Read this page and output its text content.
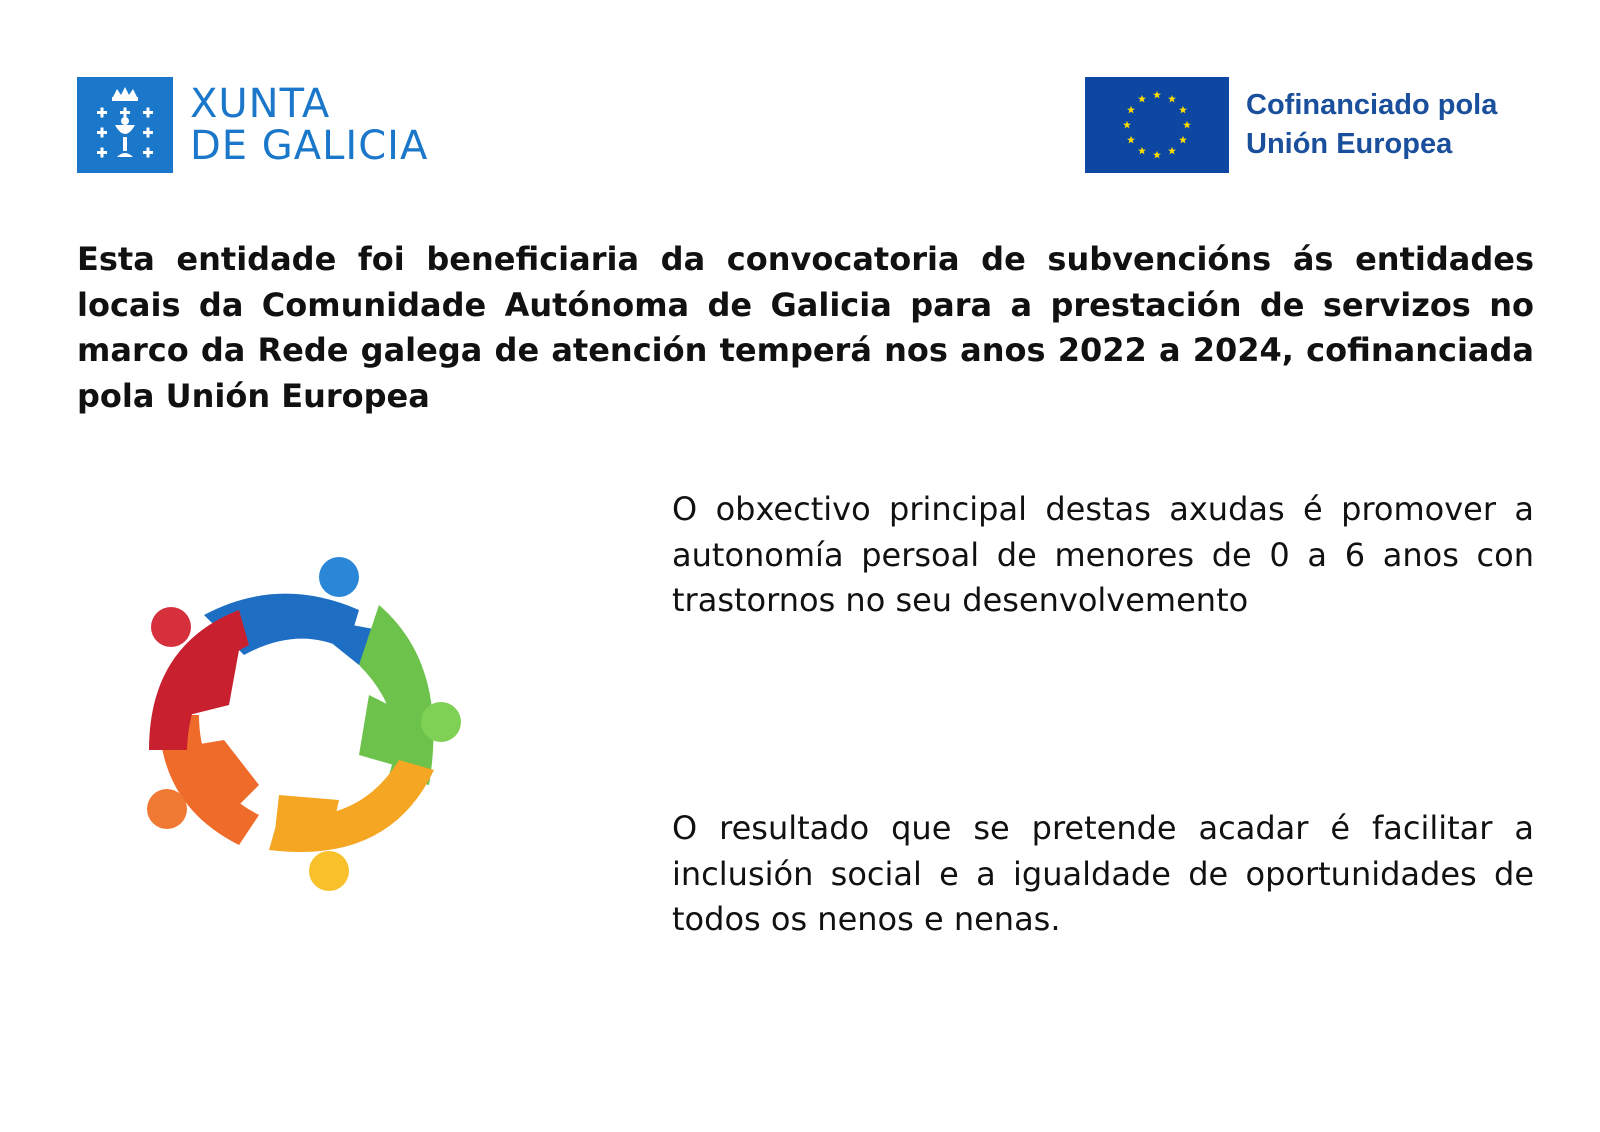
XUNTA
DE GALICIA
Cofinanciado pola
Unión Europea

Esta entidade foi beneficiaria da convocatoria de subvencións ás entidades locais da Comunidade Autónoma de Galicia para a prestación de servizos no marco da Rede galega de atención temperá nos anos 2022 a 2024, cofinanciada pola Unión Europea

O obxectivo principal destas axudas é promover a autonomía persoal de menores de 0 a 6 anos con trastornos no seu desenvolvemento

O resultado que se pretende acadar é facilitar a inclusión social e a igualdade de oportunidades de todos os nenos e nenas.
